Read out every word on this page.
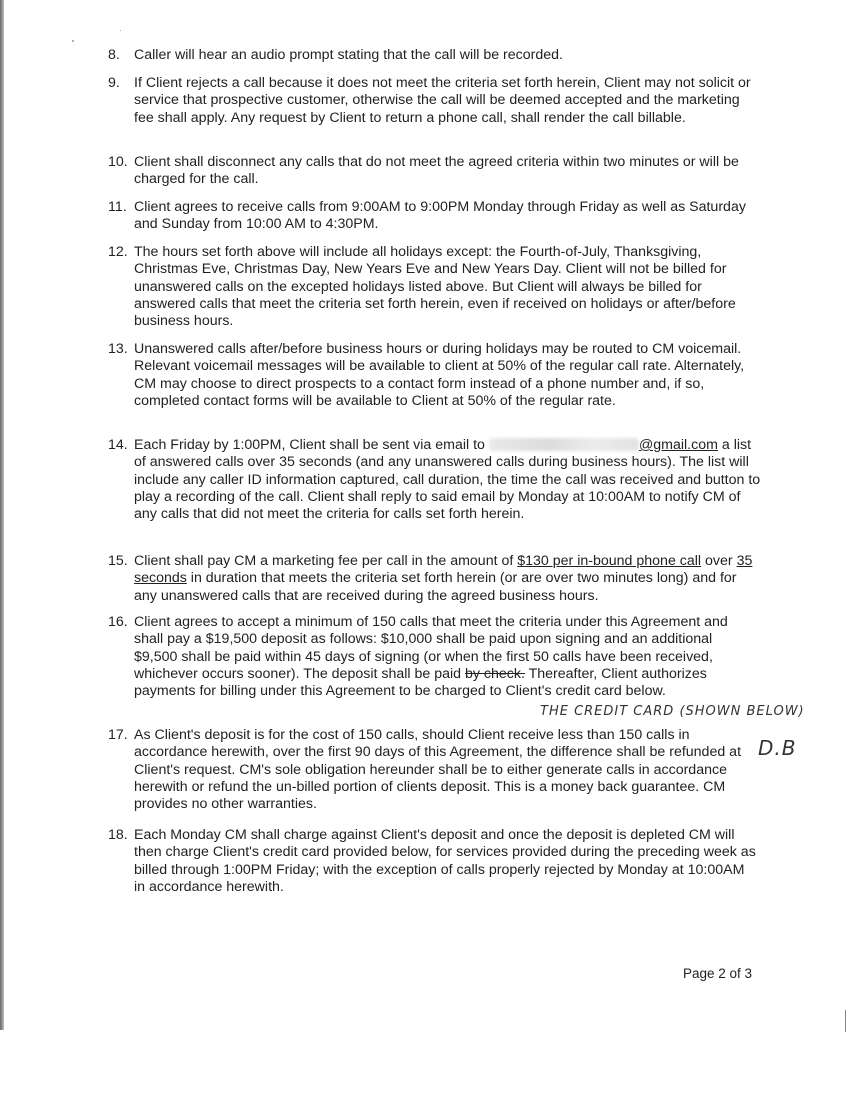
8. Caller will hear an audio prompt stating that the call will be recorded.
9. If Client rejects a call because it does not meet the criteria set forth herein, Client may not solicit or service that prospective customer, otherwise the call will be deemed accepted and the marketing fee shall apply. Any request by Client to return a phone call, shall render the call billable.
10. Client shall disconnect any calls that do not meet the agreed criteria within two minutes or will be charged for the call.
11. Client agrees to receive calls from 9:00AM to 9:00PM Monday through Friday as well as Saturday and Sunday from 10:00 AM to 4:30PM.
12. The hours set forth above will include all holidays except: the Fourth-of-July, Thanksgiving, Christmas Eve, Christmas Day, New Years Eve and New Years Day. Client will not be billed for unanswered calls on the excepted holidays listed above. But Client will always be billed for answered calls that meet the criteria set forth herein, even if received on holidays or after/before business hours.
13. Unanswered calls after/before business hours or during holidays may be routed to CM voicemail. Relevant voicemail messages will be available to client at 50% of the regular call rate. Alternately, CM may choose to direct prospects to a contact form instead of a phone number and, if so, completed contact forms will be available to Client at 50% of the regular rate.
14. Each Friday by 1:00PM, Client shall be sent via email to	@gmail.com a list of answered calls over 35 seconds (and any unanswered calls during business hours). The list will include any caller ID information captured, call duration, the time the call was received and button to play a recording of the call. Client shall reply to said email by Monday at 10:00AM to notify CM of any calls that did not meet the criteria for calls set forth herein.
15. Client shall pay CM a marketing fee per call in the amount of $130 per in-bound phone call over 35 seconds in duration that meets the criteria set forth herein (or are over two minutes long) and for any unanswered calls that are received during the agreed business hours.
16. Client agrees to accept a minimum of 150 calls that meet the criteria under this Agreement and shall pay a $19,500 deposit as follows: $10,000 shall be paid upon signing and an additional $9,500 shall be paid within 45 days of signing (or when the first 50 calls have been received, whichever occurs sooner). The deposit shall be paid by check. Thereafter, Client authorizes payments for billing under this Agreement to be charged to Client's credit card below.
17. As Client's deposit is for the cost of 150 calls, should Client receive less than 150 calls in accordance herewith, over the first 90 days of this Agreement, the difference shall be refunded at Client's request. CM's sole obligation hereunder shall be to either generate calls in accordance herewith or refund the un-billed portion of clients deposit. This is a money back guarantee. CM provides no other warranties.
18. Each Monday CM shall charge against Client's deposit and once the deposit is depleted CM will then charge Client's credit card provided below, for services provided during the preceding week as billed through 1:00PM Friday; with the exception of calls properly rejected by Monday at 10:00AM in accordance herewith.
THE CREDIT CARD (SHOWN BELOW)
D.B
Page 2 of 3
